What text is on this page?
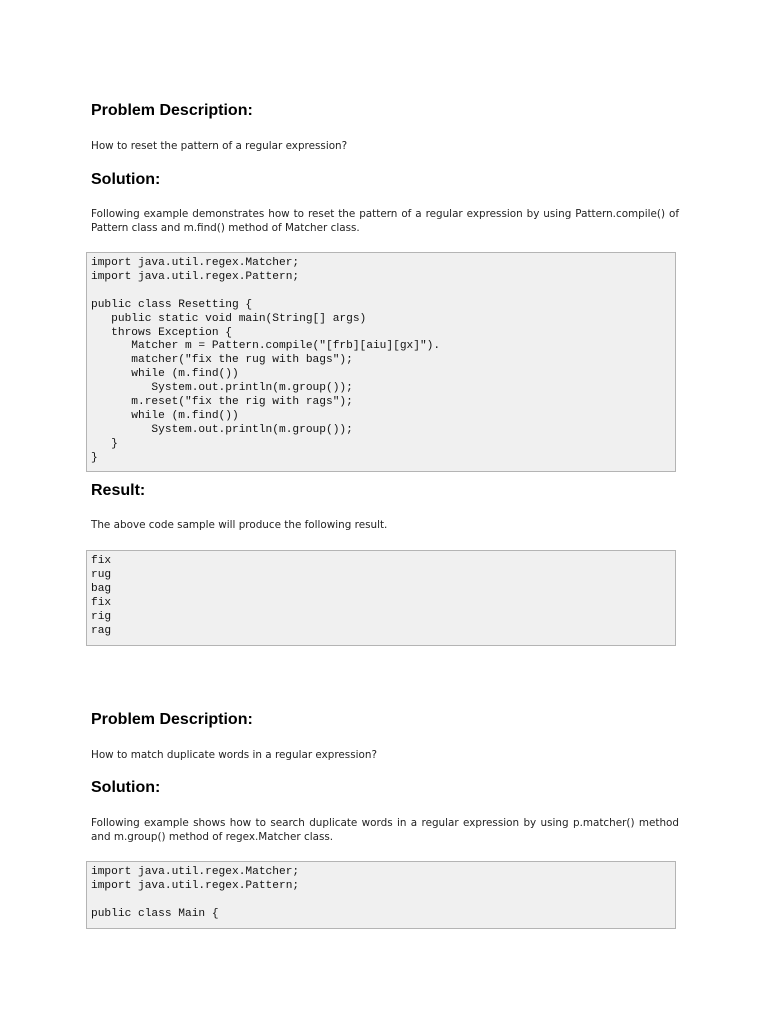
Problem Description:

How to reset the pattern of a regular expression?

Solution:

Following example demonstrates how to reset the pattern of a regular expression by using Pattern.compile() of Pattern class and m.find() method of Matcher class.

import java.util.regex.Matcher;
import java.util.regex.Pattern;

public class Resetting {
public static void main(String[] args)
throws Exception {
Matcher m = Pattern.compile("[frb][aiu][gx]").
matcher("fix the rug with bags");
while (m.find())
System.out.println(m.group());
m.reset("fix the rig with rags");
while (m.find())
System.out.println(m.group());
}
}
Result:

The above code sample will produce the following result.

fix
rug
bag
fix
rig
rag
Problem Description:

How to match duplicate words in a regular expression?

Solution:

Following example shows how to search duplicate words in a regular expression by using p.matcher() method and m.group() method of regex.Matcher class.

import java.util.regex.Matcher;
import java.util.regex.Pattern;

public class Main {
